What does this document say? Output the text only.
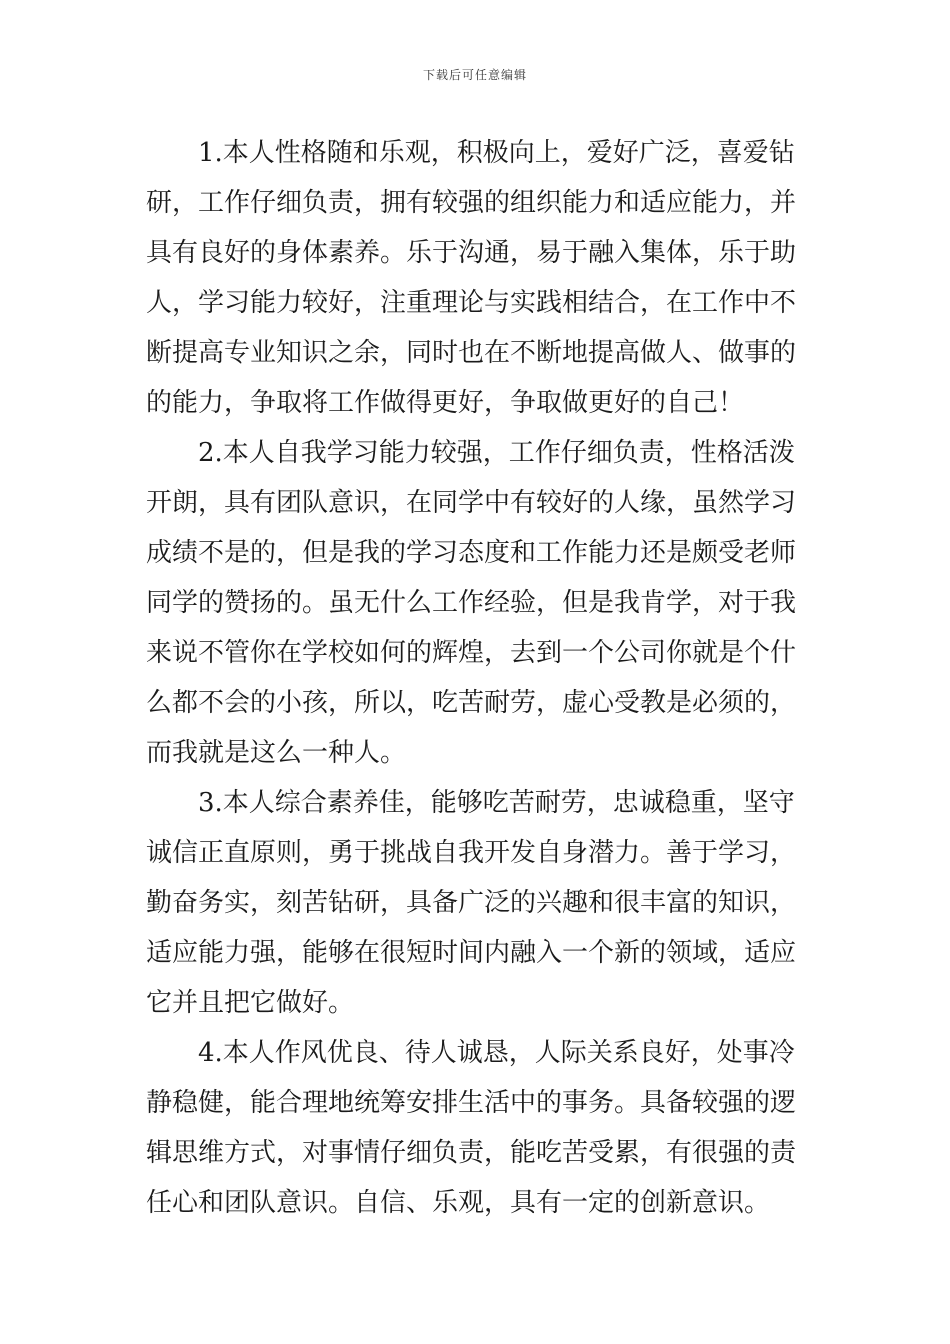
下载后可任意编辑

1.本人性格随和乐观，积极向上，爱好广泛，喜爱钻
研，工作仔细负责，拥有较强的组织能力和适应能力，并
具有良好的身体素养。乐于沟通，易于融入集体，乐于助
人，学习能力较好，注重理论与实践相结合，在工作中不
断提高专业知识之余，同时也在不断地提高做人、做事的
的能力，争取将工作做得更好，争取做更好的自己！

2.本人自我学习能力较强，工作仔细负责，性格活泼
开朗，具有团队意识，在同学中有较好的人缘，虽然学习
成绩不是的，但是我的学习态度和工作能力还是颇受老师
同学的赞扬的。虽无什么工作经验，但是我肯学，对于我
来说不管你在学校如何的辉煌，去到一个公司你就是个什
么都不会的小孩，所以，吃苦耐劳，虚心受教是必须的，
而我就是这么一种人。

3.本人综合素养佳，能够吃苦耐劳，忠诚稳重，坚守
诚信正直原则，勇于挑战自我开发自身潜力。善于学习，
勤奋务实，刻苦钻研，具备广泛的兴趣和很丰富的知识，
适应能力强，能够在很短时间内融入一个新的领域，适应
它并且把它做好。

4.本人作风优良、待人诚恳，人际关系良好，处事冷
静稳健，能合理地统筹安排生活中的事务。具备较强的逻
辑思维方式，对事情仔细负责，能吃苦受累，有很强的责
任心和团队意识。自信、乐观，具有一定的创新意识。
